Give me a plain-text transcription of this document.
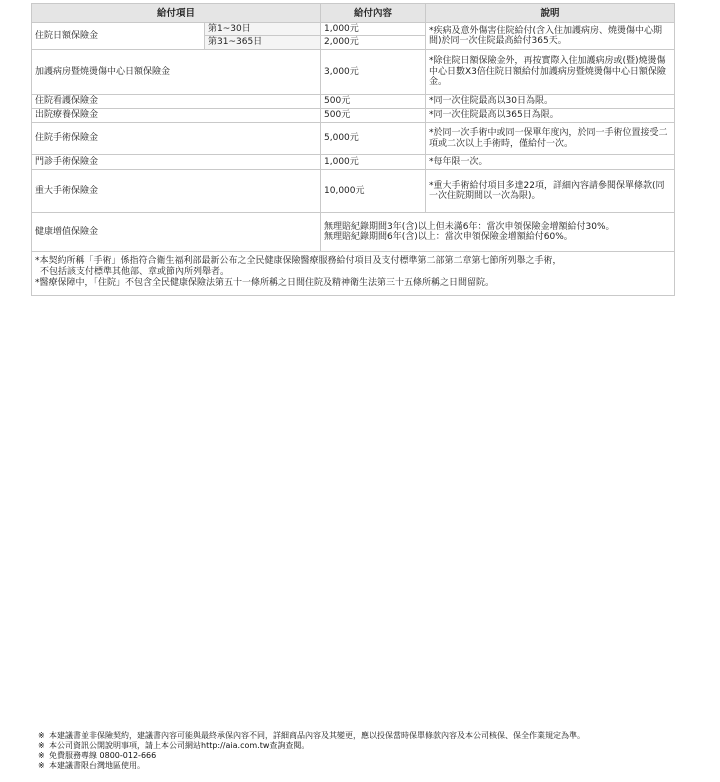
給付項目		給付內容	說明
住院日額保險金	第1~30日	1,000元	*疾病及意外傷害住院給付(含入住加護病房、燒燙傷中心期間)於同一次住院最高給付365天。
	第31~365日	2,000元	
加護病房暨燒燙傷中心日額保險金		3,000元	*除住院日額保險金外，再按實際入住加護病房或(暨)燒燙傷中心日數X3倍住院日額給付加護病房暨燒燙傷中心日額保險金。
住院看護保險金		500元	*同一次住院最高以30日為限。
出院療養保險金		500元	*同一次住院最高以365日為限。
住院手術保險金		5,000元	*於同一次手術中或同一保單年度內，於同一手術位置接受二項或二次以上手術時，僅給付一次。
門診手術保險金		1,000元	*每年限一次。
重大手術保險金		10,000元	*重大手術給付項目多達22項，詳細內容請參閱保單條款(同一次住院期間以一次為限)。
健康增值保險金		無理賠紀錄期間3年(含)以上但未滿6年：當次申領保險金增額給付30%。
無理賠紀錄期間6年(含)以上：當次申領保險金增額給付60%。	

*本契約所稱「手術」係指符合衛生福利部最新公布之全民健康保險醫療服務給付項目及支付標準第二部第二章第七節所列舉之手術，
不包括該支付標準其他部、章或節內所列舉者。
*醫療保障中，「住院」不包含全民健康保險法第五十一條所稱之日間住院及精神衛生法第三十五條所稱之日間留院。			
※ 本建議書並非保險契約，建議書內容可能與最終承保內容不同，詳細商品內容及其變更，應以投保當時保單條款內容及本公司核保、保全作業規定為準。
※ 本公司資訊公開說明事項，請上本公司網站http://aia.com.tw查詢查閱。
※ 免費服務專線 0800-012-666
※ 本建議書限台灣地區使用。
